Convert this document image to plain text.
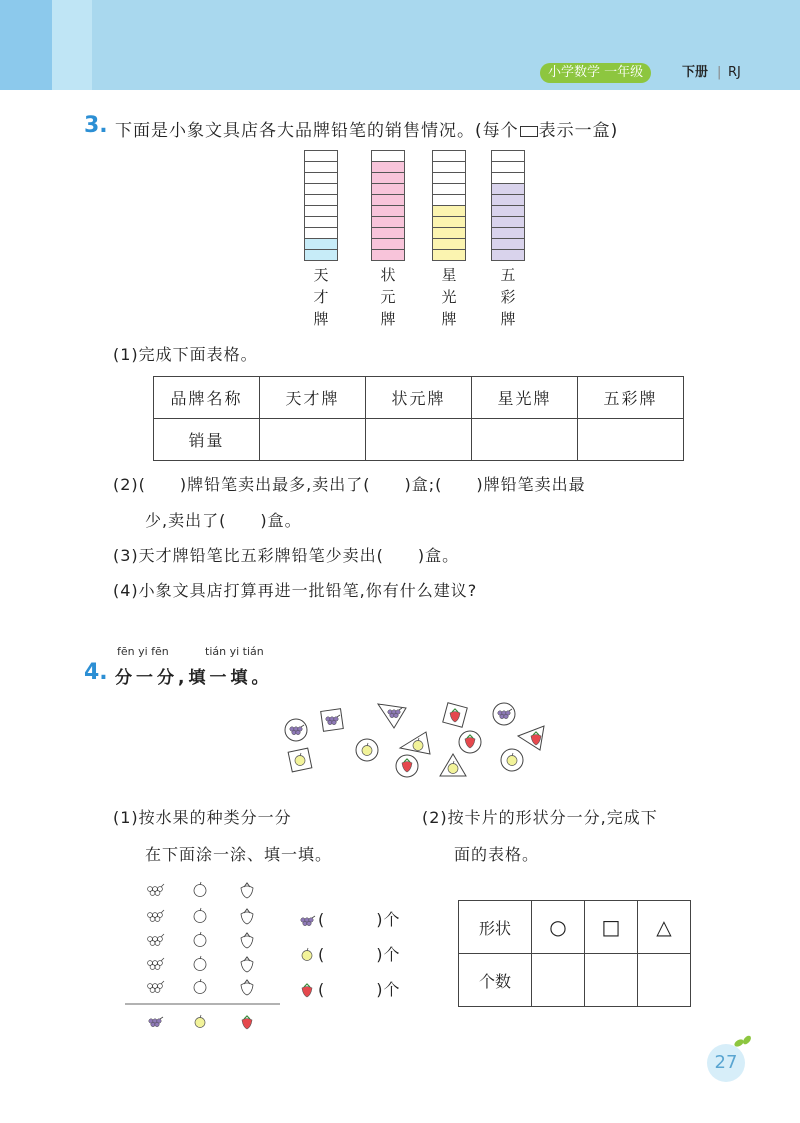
小学数学 一年级	下册 | RJ
3. 下面是小象文具店各大品牌铅笔的销售情况。(每个 表示一盒)
天
才
牌
状
元
牌
星
光
牌
五
彩
牌
(1)完成下面表格。
品牌名称	天才牌	状元牌	星光牌	五彩牌
销量				
(2)(　　)牌铅笔卖出最多,卖出了(　　)盒;(　　)牌铅笔卖出最
少,卖出了(　　)盒。
(3)天才牌铅笔比五彩牌铅笔少卖出(　　)盒。
(4)小象文具店打算再进一批铅笔,你有什么建议?
fēn yi fēn	tián yi tián
4. 分一分,填一填。
(1)按水果的种类分一分
在下面涂一涂、填一填。
(2)按卡片的形状分一分,完成下
面的表格。
(　　　)个
(　　　)个
(　　　)个
形状	○	□	△
个数			
27
